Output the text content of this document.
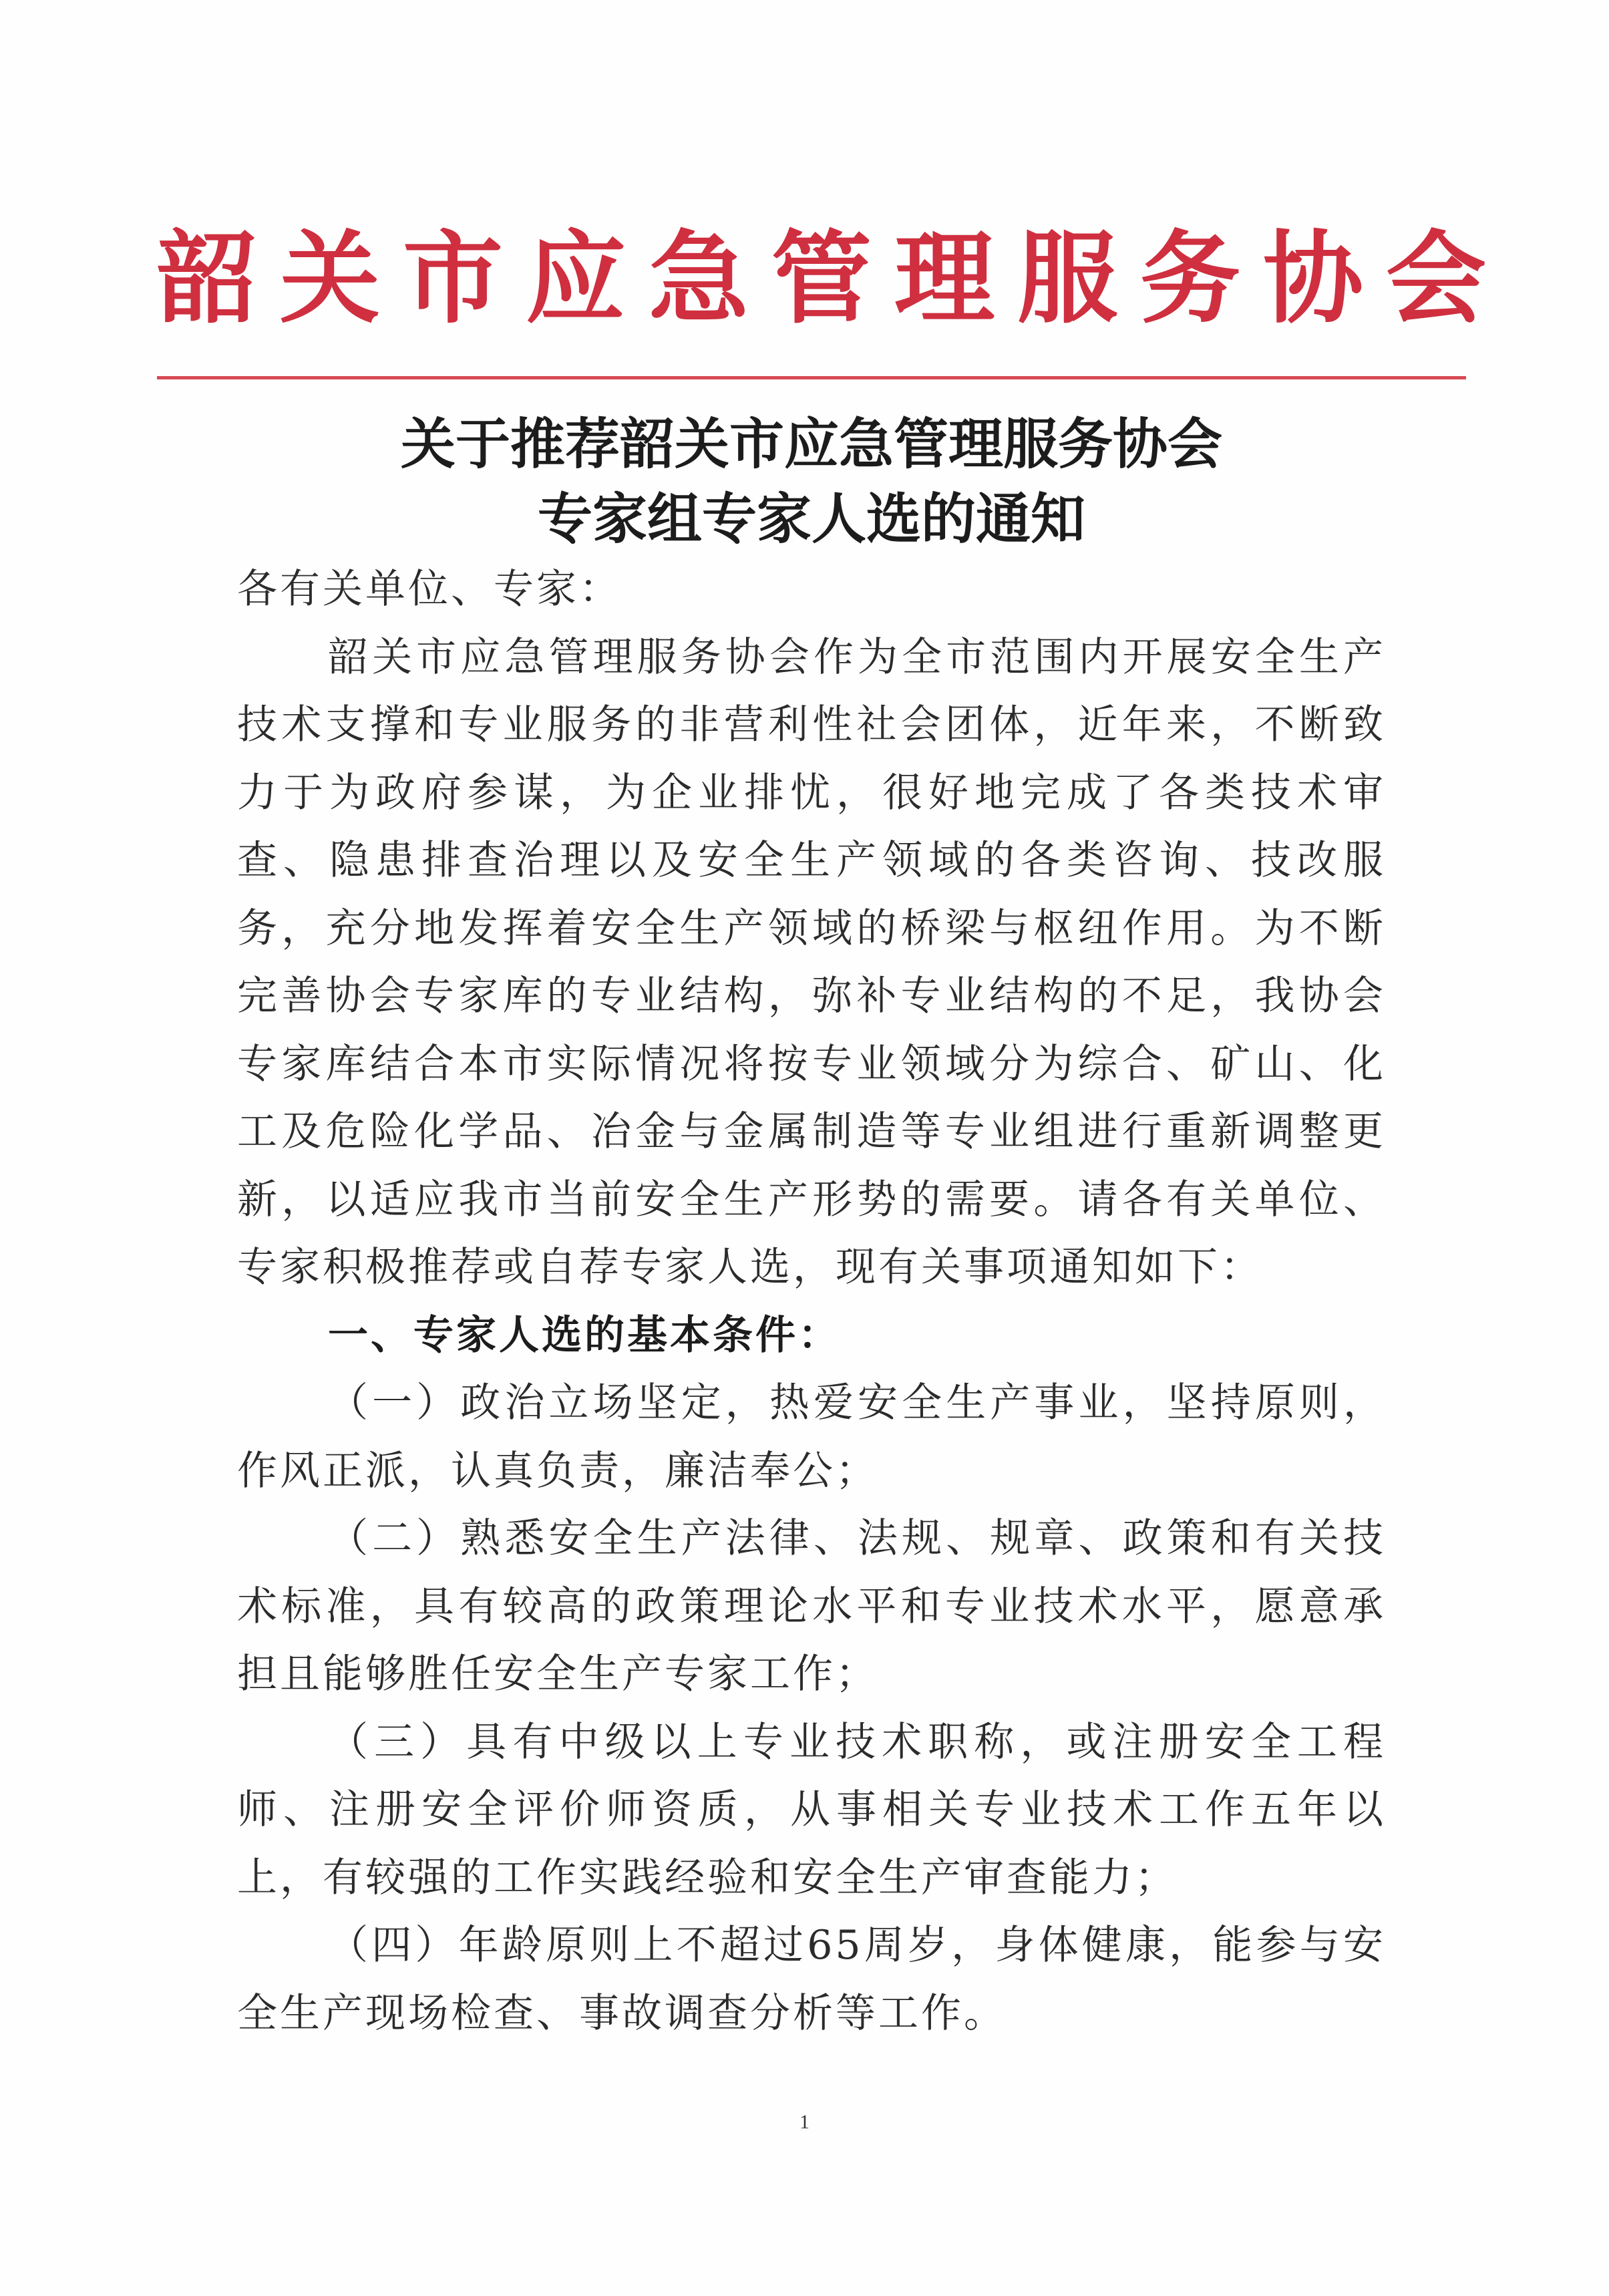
韶关市应急管理服务协会
关于推荐韶关市应急管理服务协会
专家组专家人选的通知

各有关单位、专家：

韶关市应急管理服务协会作为全市范围内开展安全生产技术支撑和专业服务的非营利性社会团体，近年来，不断致力于为政府参谋，为企业排忧，很好地完成了各类技术审查、隐患排查治理以及安全生产领域的各类咨询、技改服务，充分地发挥着安全生产领域的桥梁与枢纽作用。为不断完善协会专家库的专业结构，弥补专业结构的不足，我协会专家库结合本市实际情况将按专业领域分为综合、矿山、化工及危险化学品、冶金与金属制造等专业组进行重新调整更新，以适应我市当前安全生产形势的需要。请各有关单位、专家积极推荐或自荐专家人选，现有关事项通知如下：

一、专家人选的基本条件：

（一）政治立场坚定，热爱安全生产事业，坚持原则，作风正派，认真负责，廉洁奉公；

（二）熟悉安全生产法律、法规、规章、政策和有关技术标准，具有较高的政策理论水平和专业技术水平，愿意承担且能够胜任安全生产专家工作；

（三）具有中级以上专业技术职称，或注册安全工程师、注册安全评价师资质，从事相关专业技术工作五年以上，有较强的工作实践经验和安全生产审查能力；

（四）年龄原则上不超过65周岁，身体健康，能参与安全生产现场检查、事故调查分析等工作。

1
